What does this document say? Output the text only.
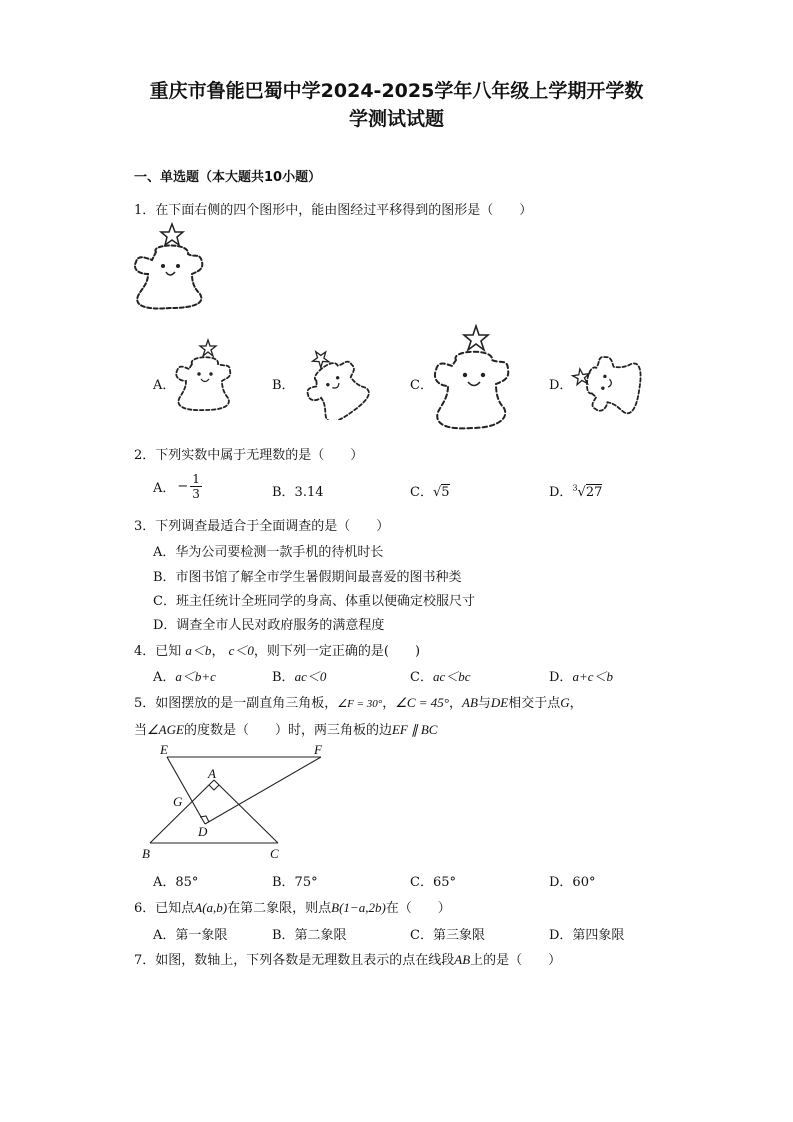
重庆市鲁能巴蜀中学2024-2025学年八年级上学期开学数
学测试试题
一、单选题（本大题共10小题）
1．在下面右侧的四个图形中，能由图经过平移得到的图形是（　　）
A．	B．	C．	D．
2．下列实数中属于无理数的是（　　）
A． − $\frac{1}{3}$	B．3.14	C．√5	D．$^3$√27
3．下列调查最适合于全面调查的是（　　）
A．华为公司要检测一款手机的待机时长
B．市图书馆了解全市学生暑假期间最喜爱的图书种类
C．班主任统计全班同学的身高、体重以便确定校服尺寸
D．调查全市人民对政府服务的满意程度
4．已知 a＜b， c＜0，则下列一定正确的是(　　)
A．a＜b+c	B．ac＜0	C．ac＜bc	D．a+c＜b
5．如图摆放的是一副直角三角板，∠F = 30°，∠C = 45°，AB与DE相交于点G，
当∠AGE的度数是（　　）时，两三角板的边EF ∥ BC
E	F
A
G
D
B	C
A．85°	B．75°	C．65°	D．60°
6．已知点A(a,b)在第二象限，则点B(1−a,2b)在（　　）
A．第一象限	B．第二象限	C．第三象限	D．第四象限
7．如图，数轴上，下列各数是无理数且表示的点在线段AB上的是（　　）
